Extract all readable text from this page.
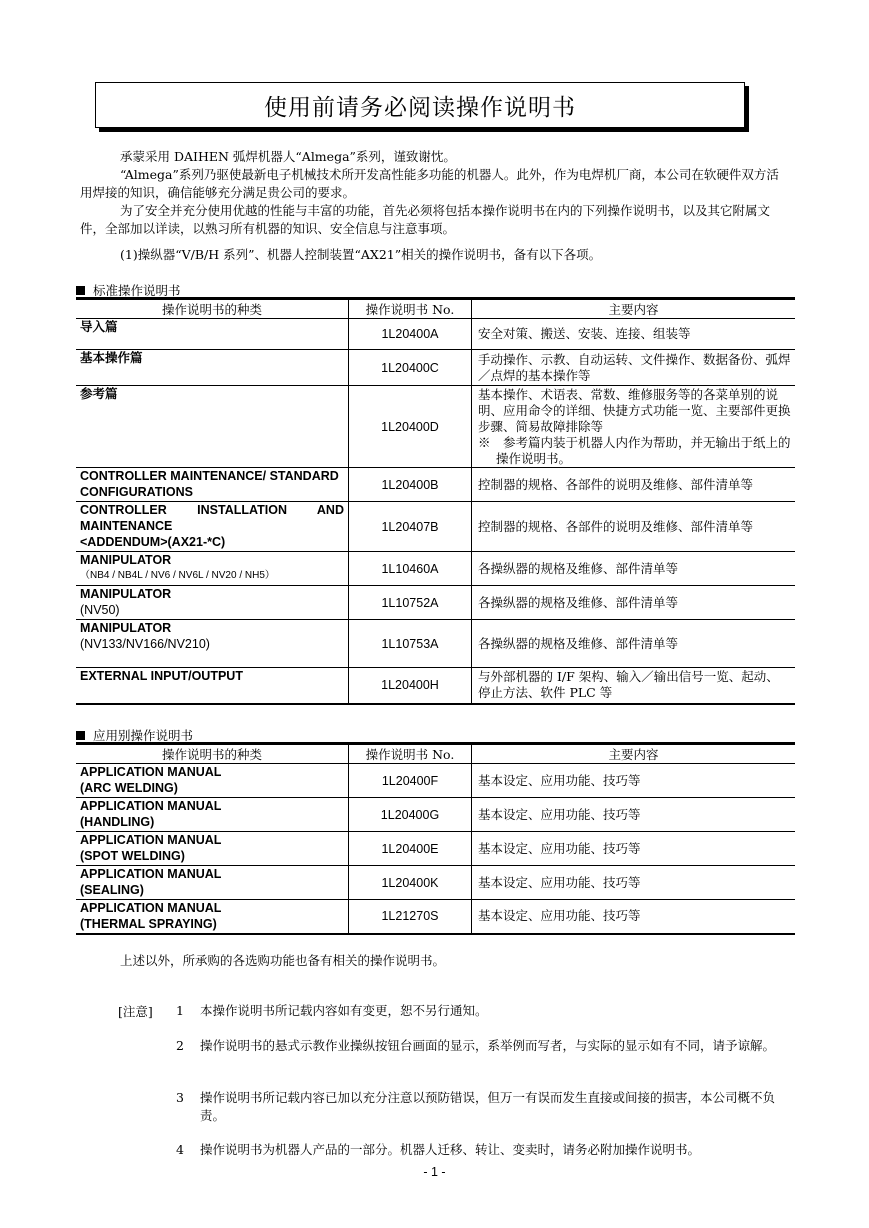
使用前请务必阅读操作说明书
承蒙采用 DAIHEN 弧焊机器人“Almega”系列，谨致谢忱。
“Almega”系列乃驱使最新电子机械技术所开发高性能多功能的机器人。此外，作为电焊机厂商，本公司在软硬件双方活用焊接的知识，确信能够充分满足贵公司的要求。
为了安全并充分使用优越的性能与丰富的功能，首先必须将包括本操作说明书在内的下列操作说明书，以及其它附属文件，全部加以详读，以熟习所有机器的知识、安全信息与注意事项。
(1)操纵器“V/B/H 系列”、机器人控制装置“AX21”相关的操作说明书，备有以下各项。
标准操作说明书
操作说明书的种类	操作说明书 No.	主要内容
导入篇	1L20400A	安全对策、搬送、安装、连接、组装等
基本操作篇	1L20400C	手动操作、示教、自动运转、文件操作、数据备份、弧焊／点焊的基本操作等
参考篇	1L20400D	基本操作、术语表、常数、维修服务等的各菜单别的说明、应用命令的详细、快捷方式功能一览、主要部件更换步骤、简易故障排除等
※　参考篇内装于机器人内作为帮助，并无输出于纸上的操作说明书。

CONTROLLER MAINTENANCE/ STANDARD CONFIGURATIONS	1L20400B	控制器的规格、各部件的说明及维修、部件清单等

CONTROLLER INSTALLATION AND
MAINTENANCE
<ADDENDUM>(AX21-*C)	1L20407B	控制器的规格、各部件的说明及维修、部件清单等

MANIPULATOR
（NB4 / NB4L / NV6 / NV6L / NV20 / NH5）	1L10460A	各操纵器的规格及维修、部件清单等

MANIPULATOR
(NV50)	1L10752A	各操纵器的规格及维修、部件清单等

MANIPULATOR
(NV133/NV166/NV210)	1L10753A	各操纵器的规格及维修、部件清单等
EXTERNAL INPUT/OUTPUT	1L20400H	与外部机器的 I/F 架构、输入／输出信号一览、起动、停止方法、软件 PLC 等
应用别操作说明书
操作说明书的种类	操作说明书 No.	主要内容

APPLICATION MANUAL
(ARC WELDING)	1L20400F	基本设定、应用功能、技巧等

APPLICATION MANUAL
(HANDLING)	1L20400G	基本设定、应用功能、技巧等

APPLICATION MANUAL
(SPOT WELDING)	1L20400E	基本设定、应用功能、技巧等

APPLICATION MANUAL
(SEALING)	1L20400K	基本设定、应用功能、技巧等

APPLICATION MANUAL
(THERMAL SPRAYING)	1L21270S	基本设定、应用功能、技巧等
上述以外，所承购的各选购功能也备有相关的操作说明书。
[注意] 1	本操作说明书所记载内容如有变更，恕不另行通知。
2	操作说明书的悬式示教作业操纵按钮台画面的显示，系举例而写者，与实际的显示如有不同，请予谅解。
3	操作说明书所记载内容已加以充分注意以预防错误，但万一有误而发生直接或间接的损害，本公司概不负责。
4	操作说明书为机器人产品的一部分。机器人迁移、转让、变卖时，请务必附加操作说明书。
- 1 -
